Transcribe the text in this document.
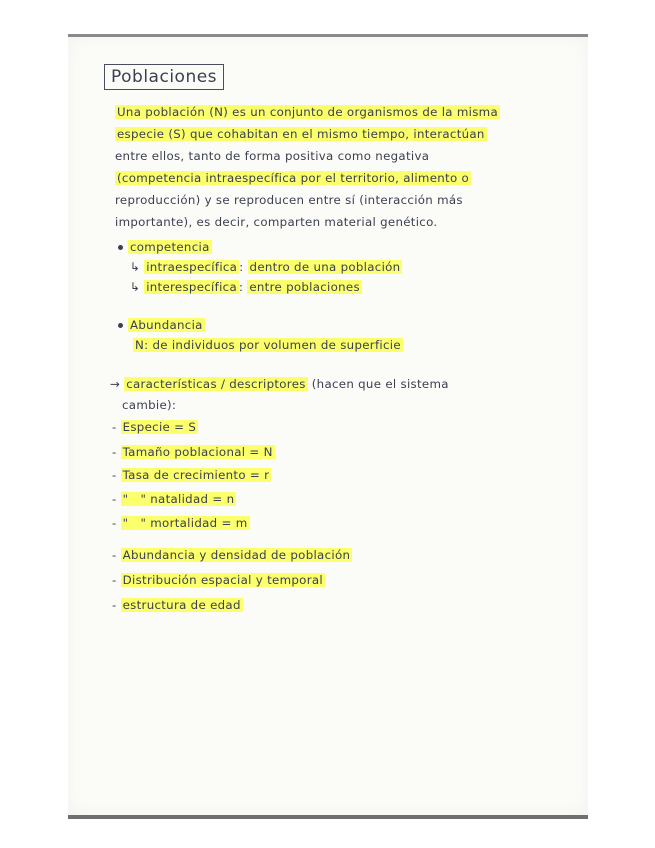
Poblaciones
Una población (N) es un conjunto de organismos de la misma
especie (S) que cohabitan en el mismo tiempo, interactúan
entre ellos, tanto de forma positiva como negativa
(competencia intraespecífica por el territorio, alimento o
reproducción) y se reproducen entre sí (interacción más
importante), es decir, comparten material genético.
competencia
↳ intraespecífica : dentro de una población
↳ interespecífica : entre poblaciones
Abundancia
N: de individuos por volumen de superficie
→ características / descriptores (hacen que el sistema
cambie):
- Especie = S
- Tamaño poblacional = N
- Tasa de crecimiento = r
- "   " natalidad = n
- "   " mortalidad = m
- Abundancia y densidad de población
- Distribución espacial y temporal
- estructura de edad
